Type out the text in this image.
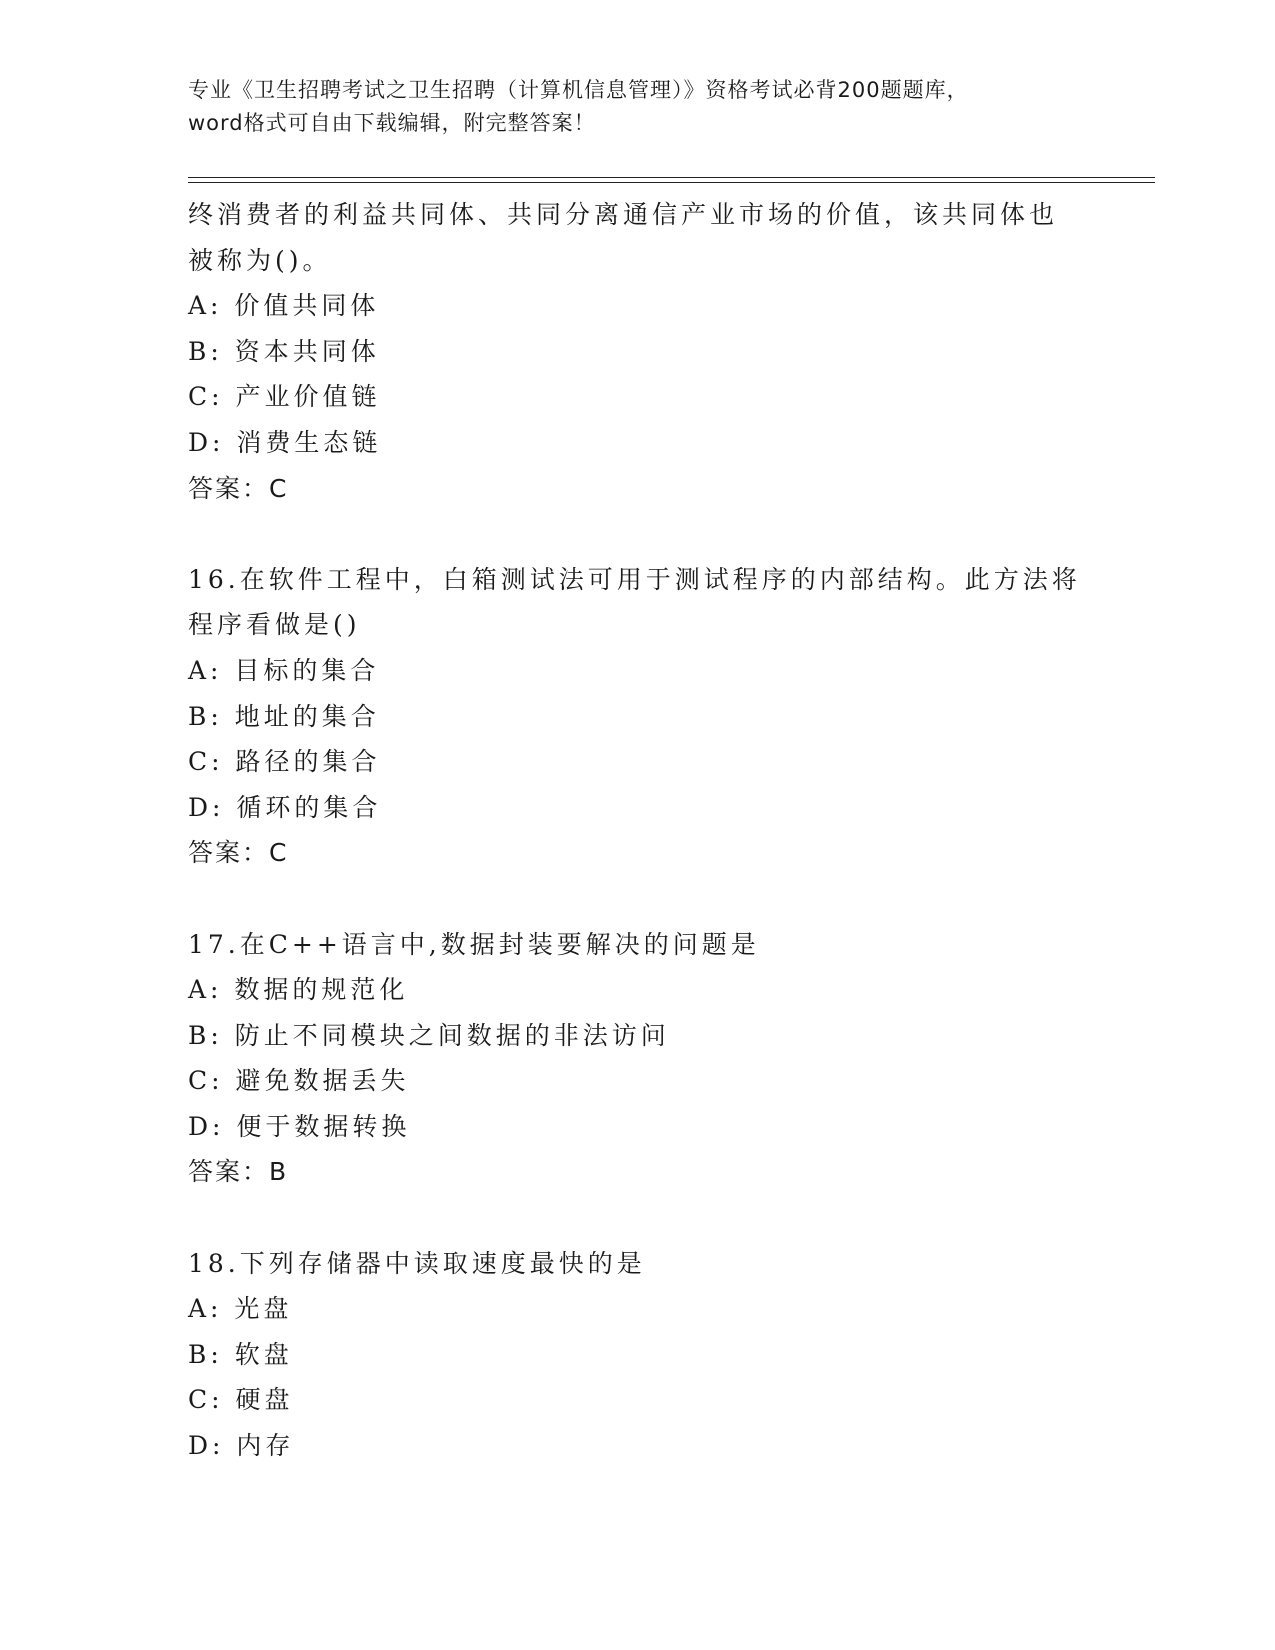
专业《卫生招聘考试之卫生招聘（计算机信息管理）》资格考试必背200题题库，
word格式可自由下载编辑，附完整答案！
终消费者的利益共同体、共同分离通信产业市场的价值，该共同体也
被称为()。
A: 价值共同体
B: 资本共同体
C: 产业价值链
D: 消费生态链
答案：C
16.在软件工程中，白箱测试法可用于测试程序的内部结构。此方法将
程序看做是()
A: 目标的集合
B: 地址的集合
C: 路径的集合
D: 循环的集合
答案：C
17.在C++语言中,数据封装要解决的问题是
A: 数据的规范化
B: 防止不同模块之间数据的非法访问
C: 避免数据丢失
D: 便于数据转换
答案：B
18.下列存储器中读取速度最快的是
A: 光盘
B: 软盘
C: 硬盘
D: 内存
